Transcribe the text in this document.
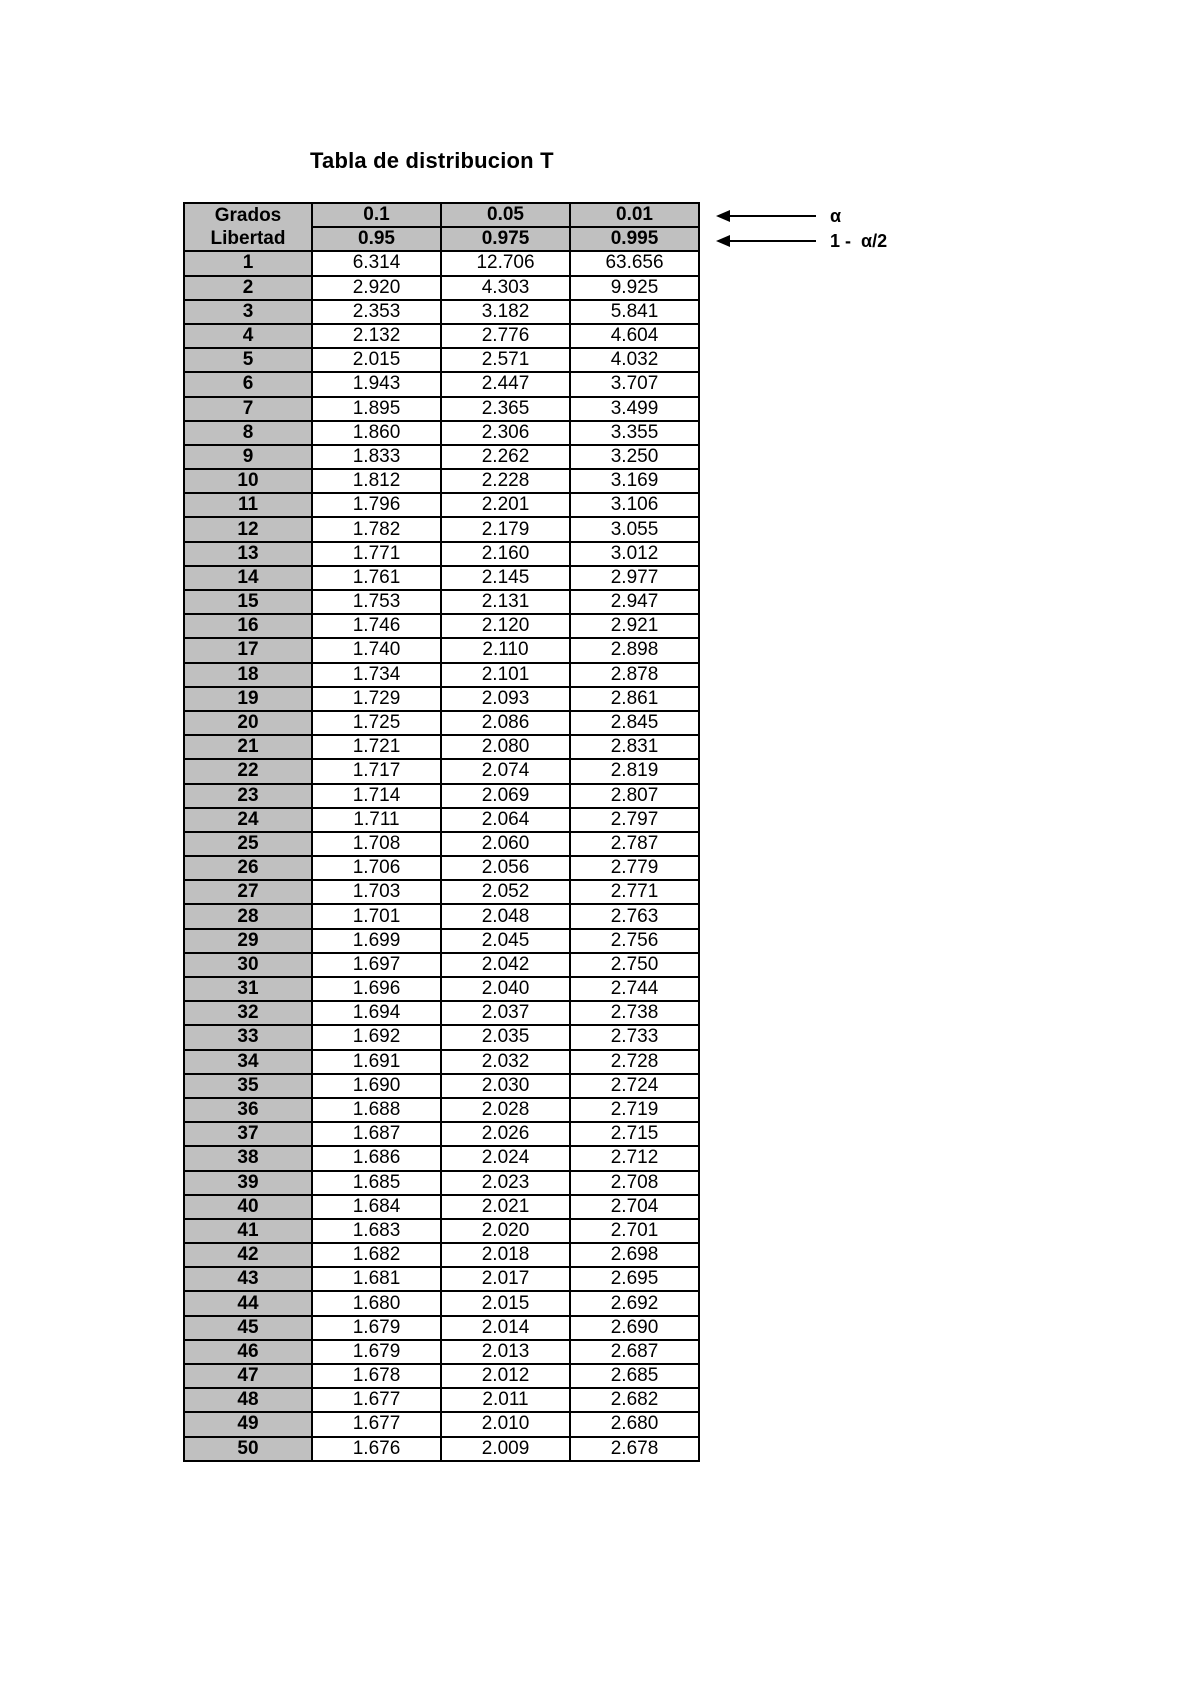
Tabla de distribucion T
Grados	0.1	0.05	0.01
Libertad	0.95	0.975	0.995
1	6.314	12.706	63.656
2	2.920	4.303	9.925
3	2.353	3.182	5.841
4	2.132	2.776	4.604
5	2.015	2.571	4.032
6	1.943	2.447	3.707
7	1.895	2.365	3.499
8	1.860	2.306	3.355
9	1.833	2.262	3.250
10	1.812	2.228	3.169
11	1.796	2.201	3.106
12	1.782	2.179	3.055
13	1.771	2.160	3.012
14	1.761	2.145	2.977
15	1.753	2.131	2.947
16	1.746	2.120	2.921
17	1.740	2.110	2.898
18	1.734	2.101	2.878
19	1.729	2.093	2.861
20	1.725	2.086	2.845
21	1.721	2.080	2.831
22	1.717	2.074	2.819
23	1.714	2.069	2.807
24	1.711	2.064	2.797
25	1.708	2.060	2.787
26	1.706	2.056	2.779
27	1.703	2.052	2.771
28	1.701	2.048	2.763
29	1.699	2.045	2.756
30	1.697	2.042	2.750
31	1.696	2.040	2.744
32	1.694	2.037	2.738
33	1.692	2.035	2.733
34	1.691	2.032	2.728
35	1.690	2.030	2.724
36	1.688	2.028	2.719
37	1.687	2.026	2.715
38	1.686	2.024	2.712
39	1.685	2.023	2.708
40	1.684	2.021	2.704
41	1.683	2.020	2.701
42	1.682	2.018	2.698
43	1.681	2.017	2.695
44	1.680	2.015	2.692
45	1.679	2.014	2.690
46	1.679	2.013	2.687
47	1.678	2.012	2.685
48	1.677	2.011	2.682
49	1.677	2.010	2.680
50	1.676	2.009	2.678
α
1 -  α/2
